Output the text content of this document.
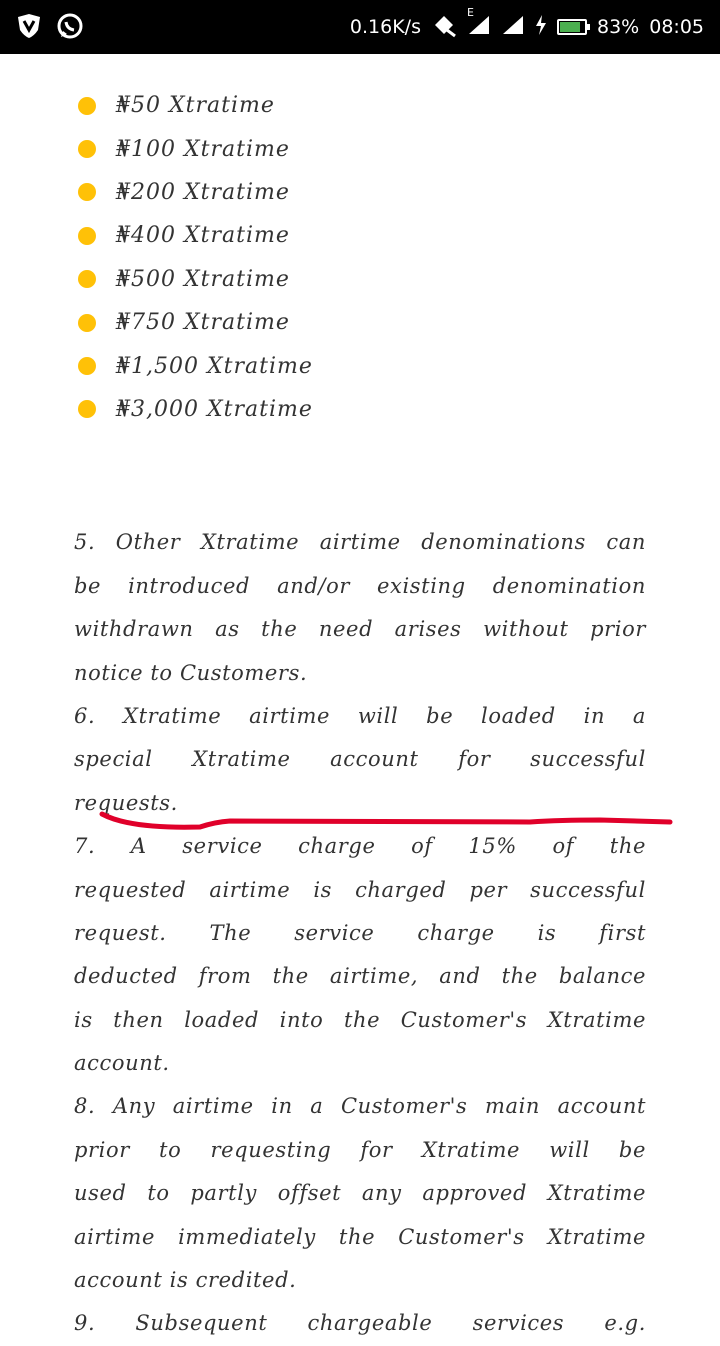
0.16K/s
E
83% 08:05
₦50 Xtratime
₦100 Xtratime
₦200 Xtratime
₦400 Xtratime
₦500 Xtratime
₦750 Xtratime
₦1,500 Xtratime
₦3,000 Xtratime
5. Other Xtratime airtime denominations can
be introduced and/or existing denomination
withdrawn as the need arises without prior
notice to Customers.
6. Xtratime airtime will be loaded in a
special Xtratime account for successful
requests.
7. A service charge of 15% of the
requested airtime is charged per successful
request. The service charge is first
deducted from the airtime, and the balance
is then loaded into the Customer's Xtratime
account.
8. Any airtime in a Customer's main account
prior to requesting for Xtratime will be
used to partly offset any approved Xtratime
airtime immediately the Customer's Xtratime
account is credited.
9. Subsequent chargeable services e.g.
